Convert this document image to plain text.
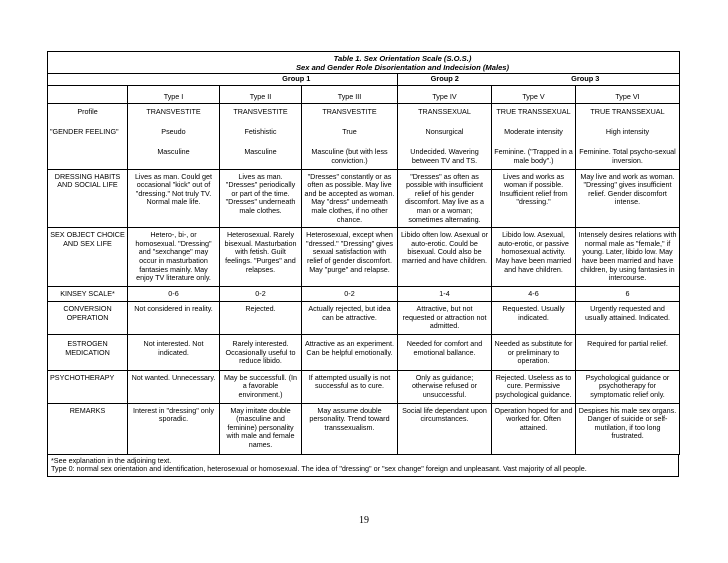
Table 1. Sex Orientation Scale (S.O.S.)
Sex and Gender Role Disorientation and Indecision (Males)						
	Group 1			Group 2	Group 3	
	Type I	Type II	Type III	Type IV	Type V	Type VI
Profile	TRANSVESTITE	TRANSVESTITE	TRANSVESTITE	TRANSSEXUAL	TRUE TRANSSEXUAL	TRUE TRANSSEXUAL
"GENDER FEELING"	Pseudo	Fetishistic	True	Nonsurgical	Moderate intensity	High intensity
	Masculine	Masculine	Masculine (but with less conviction.)	Undecided. Wavering between TV and TS.	Feminine. ("Trapped in a male body".)	Feminine. Total psycho-sexual inversion.
DRESSING HABITS AND SOCIAL LIFE	Lives as man. Could get occasional "kick" out of "dressing." Not truly TV. Normal male life.	Lives as man. "Dresses" periodically or part of the time. "Dresses" underneath male clothes.	"Dresses" constantly or as often as possible. May live and be accepted as woman. May "dress" underneath male clothes, if no other chance.	"Dresses" as often as possible with insufficient relief of his gender discomfort. May live as a man or a woman; sometimes alternating.	Lives and works as woman if possible. Insufficient relief from "dressing."	May live and work as woman. "Dressing" gives insufficient relief. Gender discomfort intense.
SEX OBJECT CHOICE AND SEX LIFE	Hetero-, bi-, or homosexual. "Dressing" and "sexchange" may occur in masturbation fantasies mainly. May enjoy TV literature only.	Heterosexual. Rarely bisexual. Masturbation with fetish. Guilt feelings. "Purges" and relapses.	Heterosexual, except when "dressed." "Dressing" gives sexual satisfaction with relief of gender discomfort. May "purge" and relapse.	Libido often low. Asexual or auto-erotic. Could be bisexual. Could also be married and have children.	Libido low. Asexual, auto-erotic, or passive homosexual activity. May have been married and have children.	Intensely desires relations with normal male as "female," if young. Later, libido low. May have been married and have children, by using fantasies in intercourse.
KINSEY SCALE*	0-6	0-2	0-2	1-4	4-6	6
CONVERSION OPERATION	Not considered in reality.	Rejected.	Actually rejected, but idea can be attractive.	Attractive, but not requested or attraction not admitted.	Requested. Usually indicated.	Urgently requested and usually attained. Indicated.
ESTROGEN MEDICATION	Not interested. Not indicated.	Rarely interested. Occasionally useful to reduce libido.	Attractive as an experiment. Can be helpful emotionally.	Needed for comfort and emotional ballance.	Needed as substitute for or preliminary to operation.	Required for partial relief.
PSYCHOTHERAPY	Not wanted. Unnecessary.	May be successfull. (In a favorable environment.)	If attempted usually is not successful as to cure.	Only as guidance; otherwise refused or unsuccessful.	Rejected. Useless as to cure. Permissive psychological guidance.	Psychological guidance or psychotherapy for symptomatic relief only.
REMARKS	Interest in "dressing" only sporadic.	May imitate double (masculine and feminine) personality with male and female names.	May assume double personality. Trend toward transsexualism.	Social life dependant upon circumstances.	Operation hoped for and worked for. Often attained.	Despises his male sex organs. Danger of suicide or self-mutilation, if too long frustrated.
*See explanation in the adjoining text.
Type 0: normal sex orientation and identification, heterosexual or homosexual. The idea of "dressing" or "sex change" foreign and unpleasant. Vast majority of all people.
19
